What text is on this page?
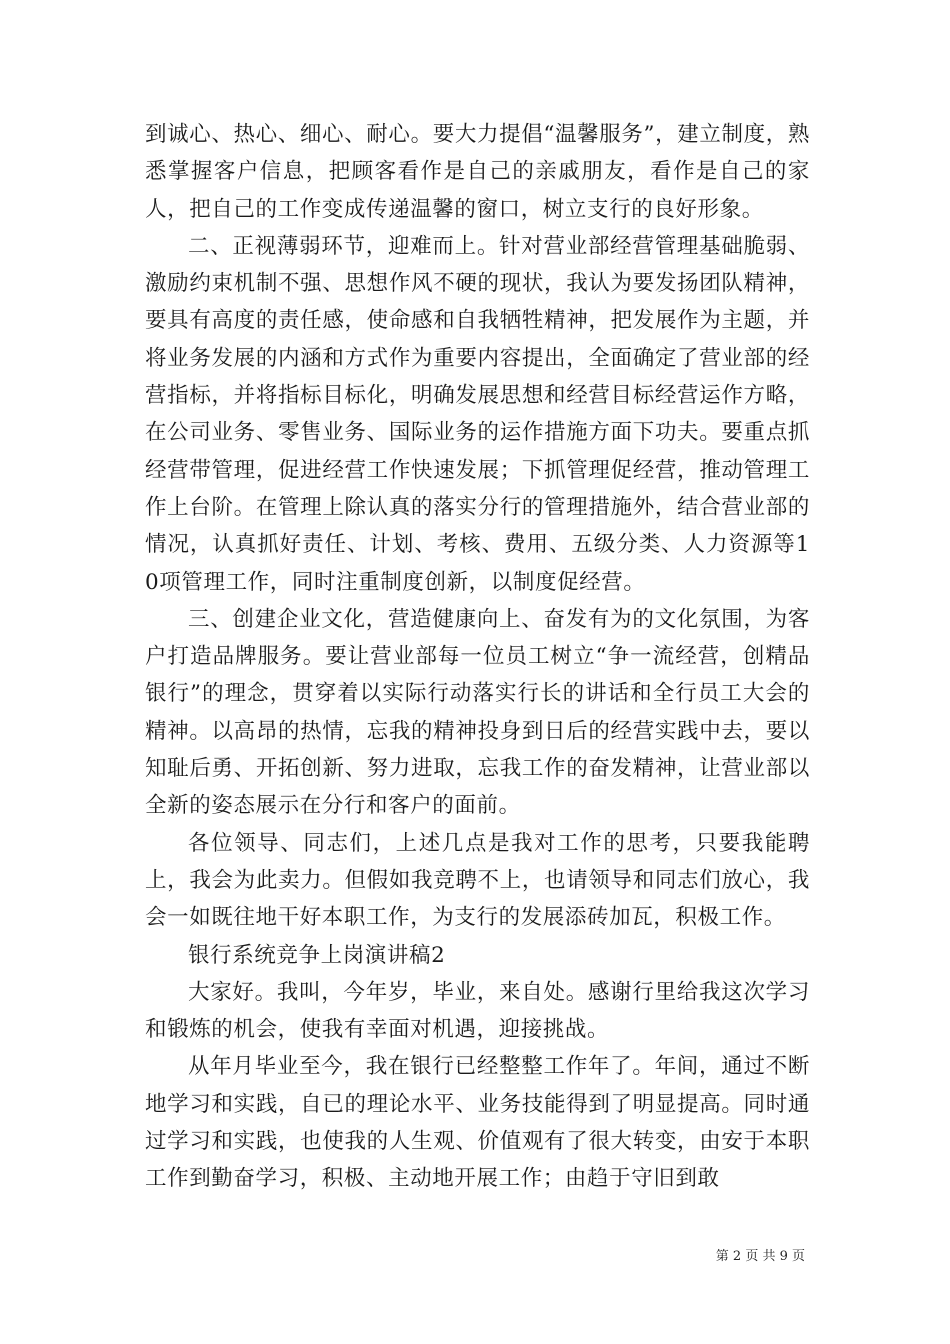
到诚心、热心、细心、耐心。要大力提倡“温馨服务”，建立制度，熟悉掌握客户信息，把顾客看作是自己的亲戚朋友，看作是自己的家人，把自己的工作变成传递温馨的窗口，树立支行的良好形象。

二、正视薄弱环节，迎难而上。针对营业部经营管理基础脆弱、激励约束机制不强、思想作风不硬的现状，我认为要发扬团队精神，要具有高度的责任感，使命感和自我牺牲精神，把发展作为主题，并将业务发展的内涵和方式作为重要内容提出，全面确定了营业部的经营指标，并将指标目标化，明确发展思想和经营目标经营运作方略，在公司业务、零售业务、国际业务的运作措施方面下功夫。要重点抓经营带管理，促进经营工作快速发展；下抓管理促经营，推动管理工作上台阶。在管理上除认真的落实分行的管理措施外，结合营业部的情况，认真抓好责任、计划、考核、费用、五级分类、人力资源等10项管理工作，同时注重制度创新，以制度促经营。

三、创建企业文化，营造健康向上、奋发有为的文化氛围，为客户打造品牌服务。要让营业部每一位员工树立“争一流经营，创精品银行”的理念，贯穿着以实际行动落实行长的讲话和全行员工大会的精神。以高昂的热情，忘我的精神投身到日后的经营实践中去，要以知耻后勇、开拓创新、努力进取，忘我工作的奋发精神，让营业部以全新的姿态展示在分行和客户的面前。

各位领导、同志们，上述几点是我对工作的思考，只要我能聘上，我会为此卖力。但假如我竞聘不上，也请领导和同志们放心，我会一如既往地干好本职工作，为支行的发展添砖加瓦，积极工作。

银行系统竞争上岗演讲稿2

大家好。我叫，今年岁，毕业，来自处。感谢行里给我这次学习和锻炼的机会，使我有幸面对机遇，迎接挑战。

从年月毕业至今，我在银行已经整整工作年了。年间，通过不断地学习和实践，自已的理论水平、业务技能得到了明显提高。同时通过学习和实践，也使我的人生观、价值观有了很大转变，由安于本职工作到勤奋学习，积极、主动地开展工作；由趋于守旧到敢

第 2 页 共 9 页
